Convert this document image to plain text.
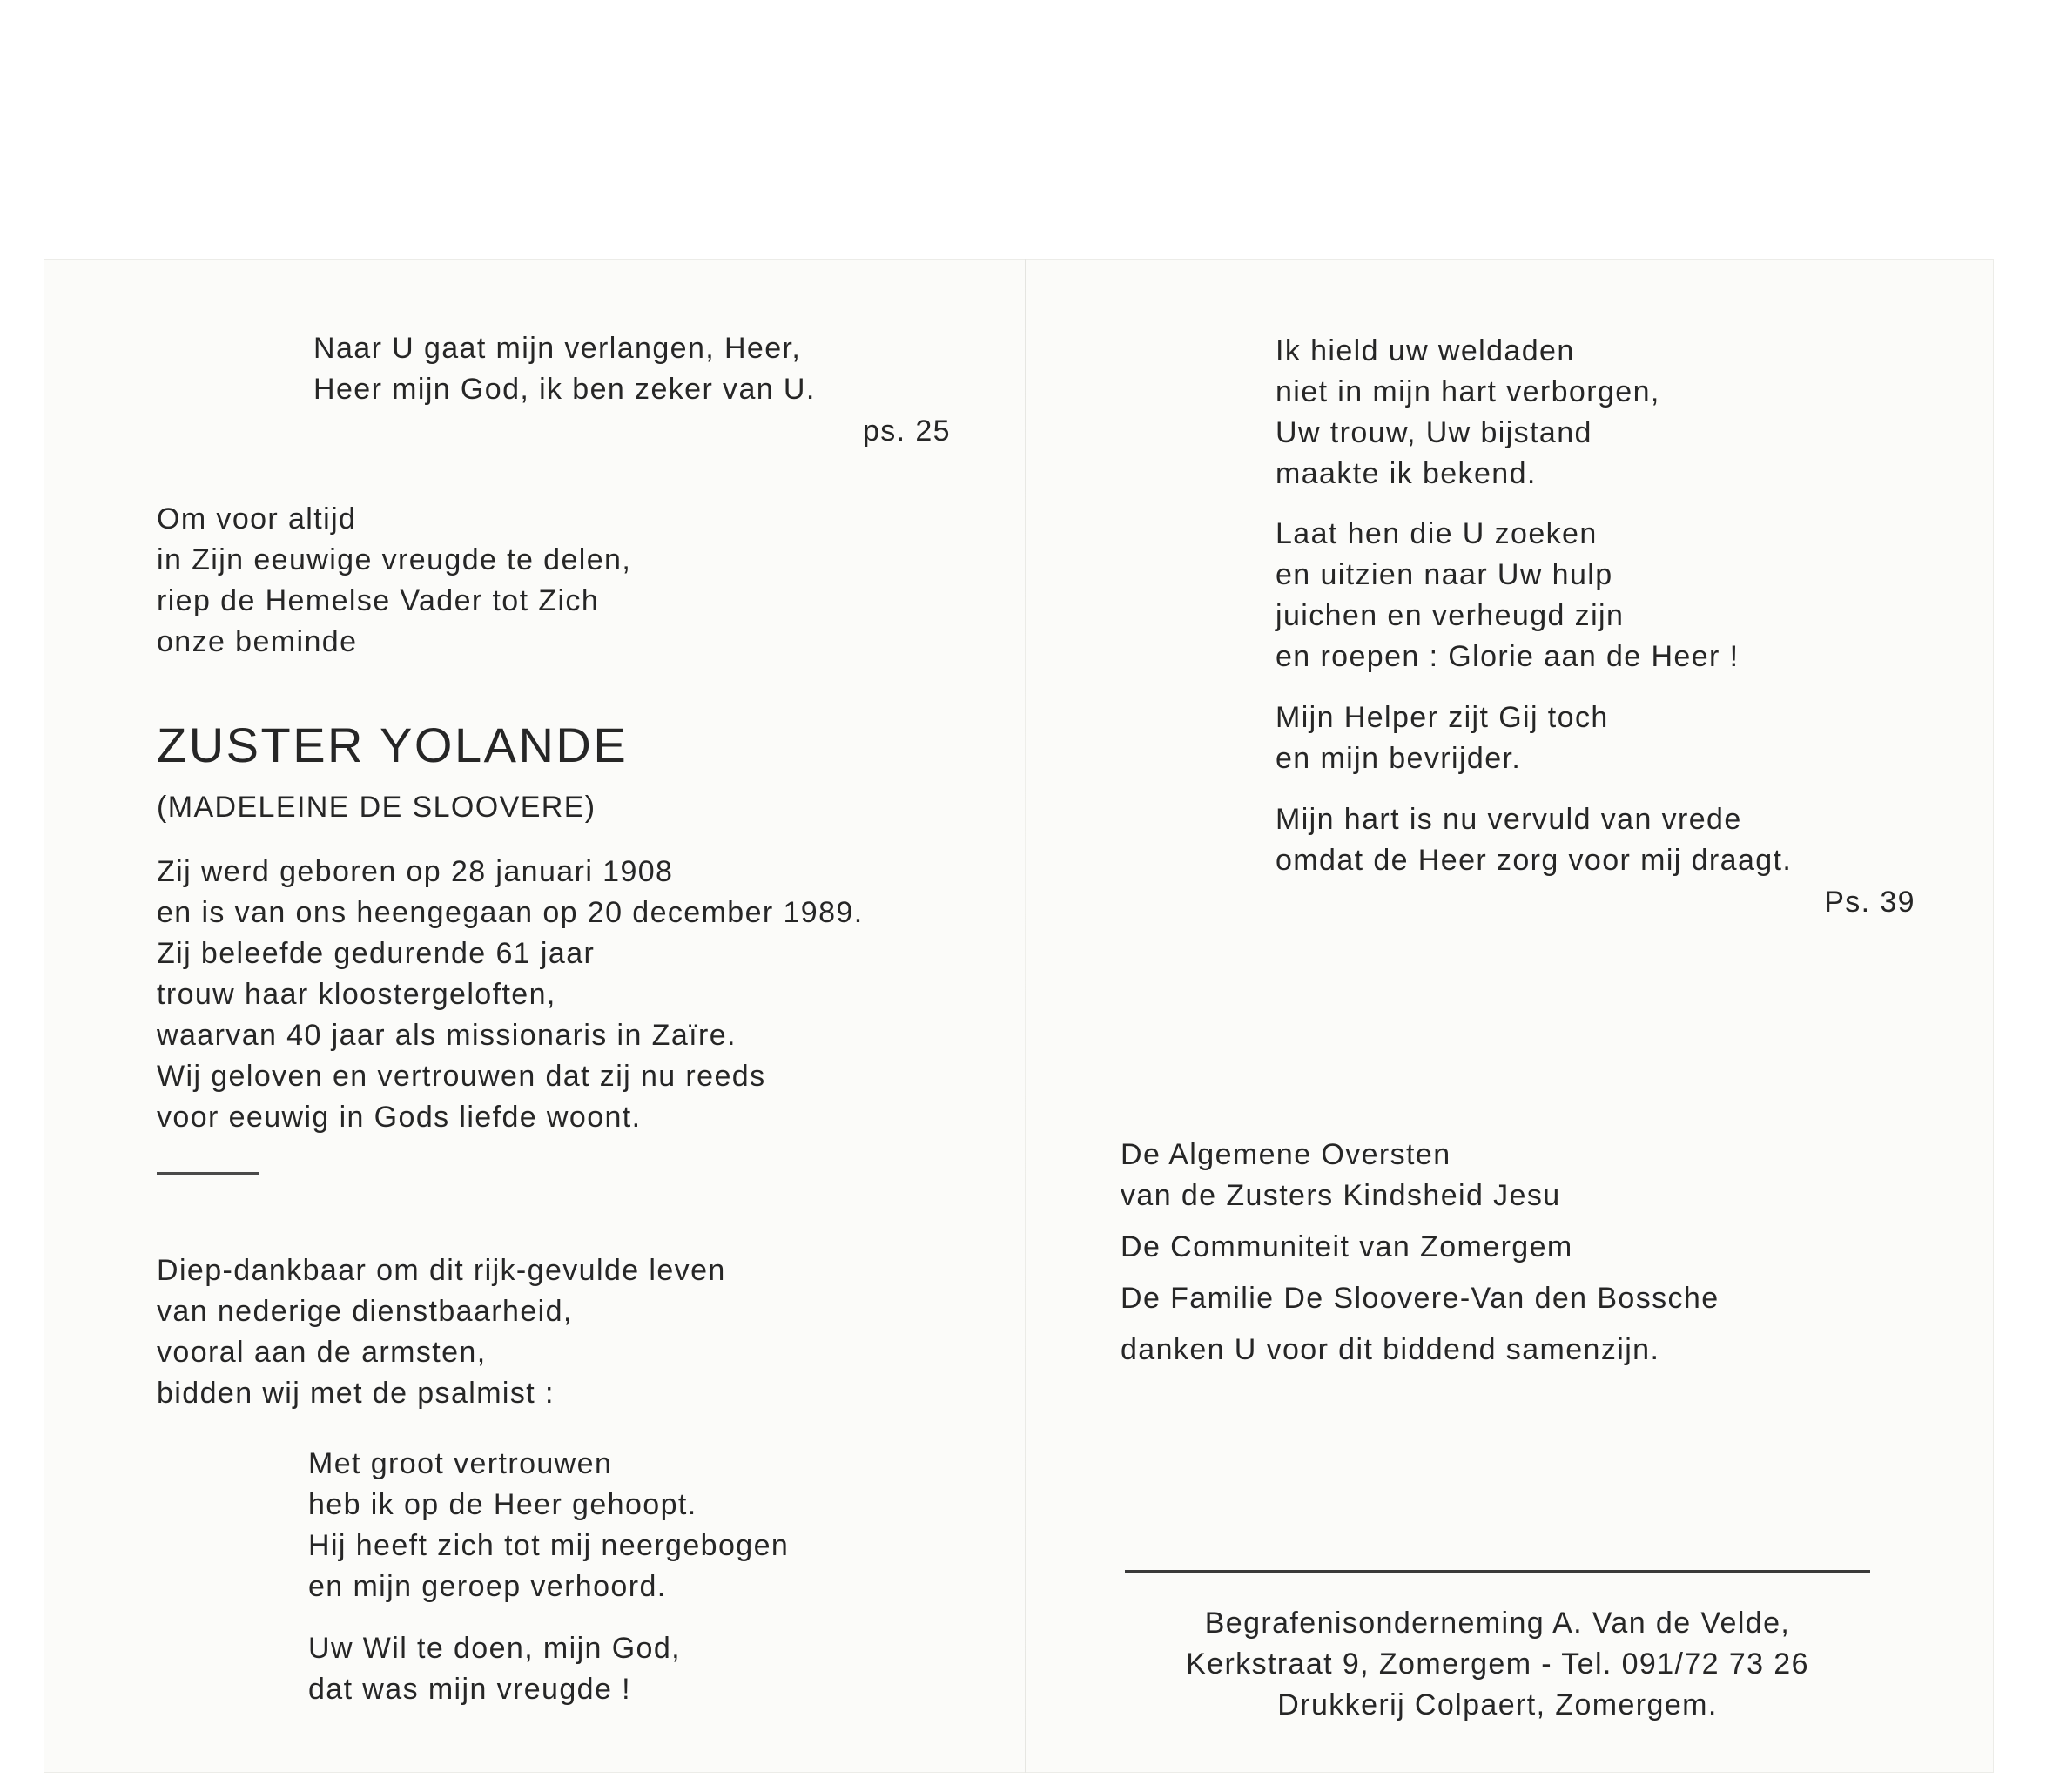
Naar U gaat mijn verlangen, Heer,

Heer mijn God, ik ben zeker van U.

ps. 25

Om voor altijd

in Zijn eeuwige vreugde te delen,

riep de Hemelse Vader tot Zich

onze beminde

ZUSTER YOLANDE

(MADELEINE DE SLOOVERE)

Zij werd geboren op 28 januari 1908

en is van ons heengegaan op 20 december 1989.

Zij beleefde gedurende 61 jaar

trouw haar kloostergeloften,

waarvan 40 jaar als missionaris in Zaïre.

Wij geloven en vertrouwen dat zij nu reeds

voor eeuwig in Gods liefde woont.

Diep-dankbaar om dit rijk-gevulde leven

van nederige dienstbaarheid,

vooral aan de armsten,

bidden wij met de psalmist :

Met groot vertrouwen

heb ik op de Heer gehoopt.

Hij heeft zich tot mij neergebogen

en mijn geroep verhoord.

Uw Wil te doen, mijn God,

dat was mijn vreugde !

Ik hield uw weldaden

niet in mijn hart verborgen,

Uw trouw, Uw bijstand

maakte ik bekend.

Laat hen die U zoeken

en uitzien naar Uw hulp

juichen en verheugd zijn

en roepen : Glorie aan de Heer !

Mijn Helper zijt Gij toch

en mijn bevrijder.

Mijn hart is nu vervuld van vrede

omdat de Heer zorg voor mij draagt.

Ps. 39

De Algemene Oversten

van de Zusters Kindsheid Jesu

De Communiteit van Zomergem

De Familie De Sloovere-Van den Bossche

danken U voor dit biddend samenzijn.

Begrafenisonderneming A. Van de Velde,

Kerkstraat 9, Zomergem - Tel. 091/72 73 26

Drukkerij Colpaert, Zomergem.
